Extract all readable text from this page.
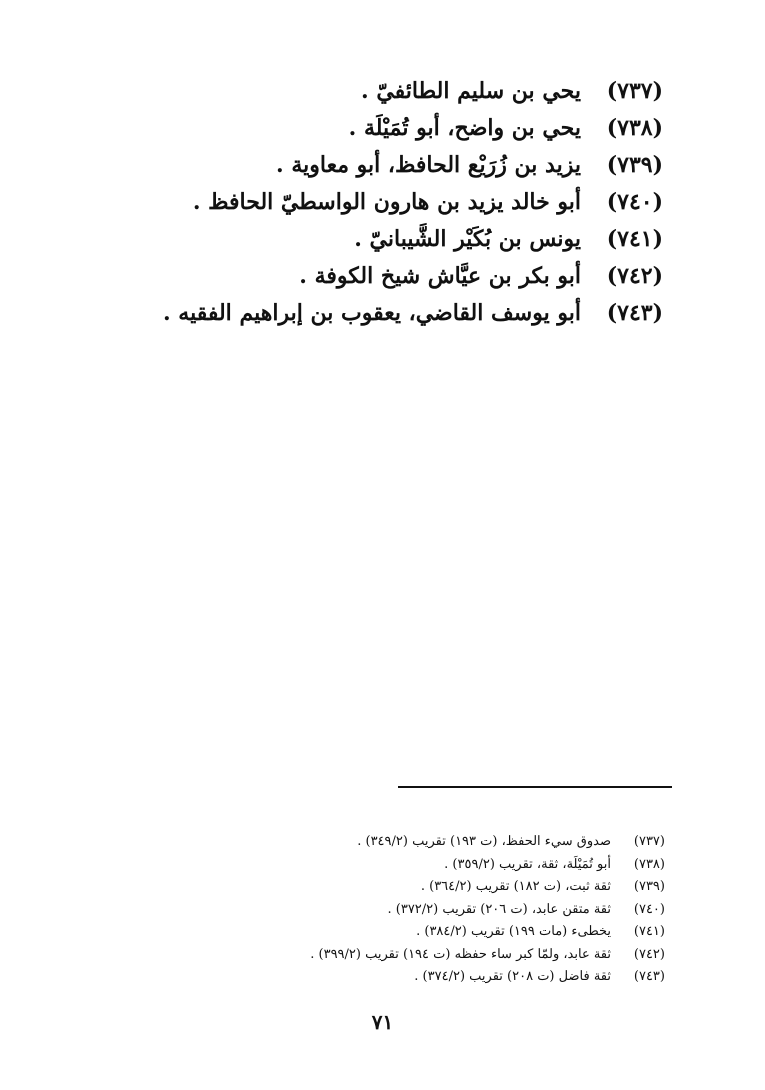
(٧٣٧)
يحي بن سليم الطائفيّ .
(٧٣٨)
يحي بن واضح، أبو تُمَيْلَة .
(٧٣٩)
يزيد بن زُرَيْع الحافظ، أبو معاوية .
(٧٤٠)
أبو خالد يزيد بن هارون الواسطيّ الحافظ .
(٧٤١)
يونس بن بُكَيْر الشَّيبانيّ .
(٧٤٢)
أبو بكر بن عيَّاش شيخ الكوفة .
(٧٤٣)
أبو يوسف القاضي، يعقوب بن إبراهيم الفقيه .
(٧٣٧)
صدوق سيء الحفظ، (ت ١٩٣) تقريب (٣٤٩/٢) .
(٧٣٨)
أبو تُمَيْلَة، ثقة، تقريب (٣٥٩/٢) .
(٧٣٩)
ثقة ثبت، (ت ١٨٢) تقريب (٣٦٤/٢) .
(٧٤٠)
ثقة متقن عابد، (ت ٢٠٦) تقريب (٣٧٢/٢) .
(٧٤١)
يخطىء (مات ١٩٩) تقريب (٣٨٤/٢) .
(٧٤٢)
ثقة عابد، ولمّا كبر ساء حفظه (ت ١٩٤) تقريب (٣٩٩/٢) .
(٧٤٣)
ثقة فاضل (ت ٢٠٨) تقريب (٣٧٤/٢) .
٧١
